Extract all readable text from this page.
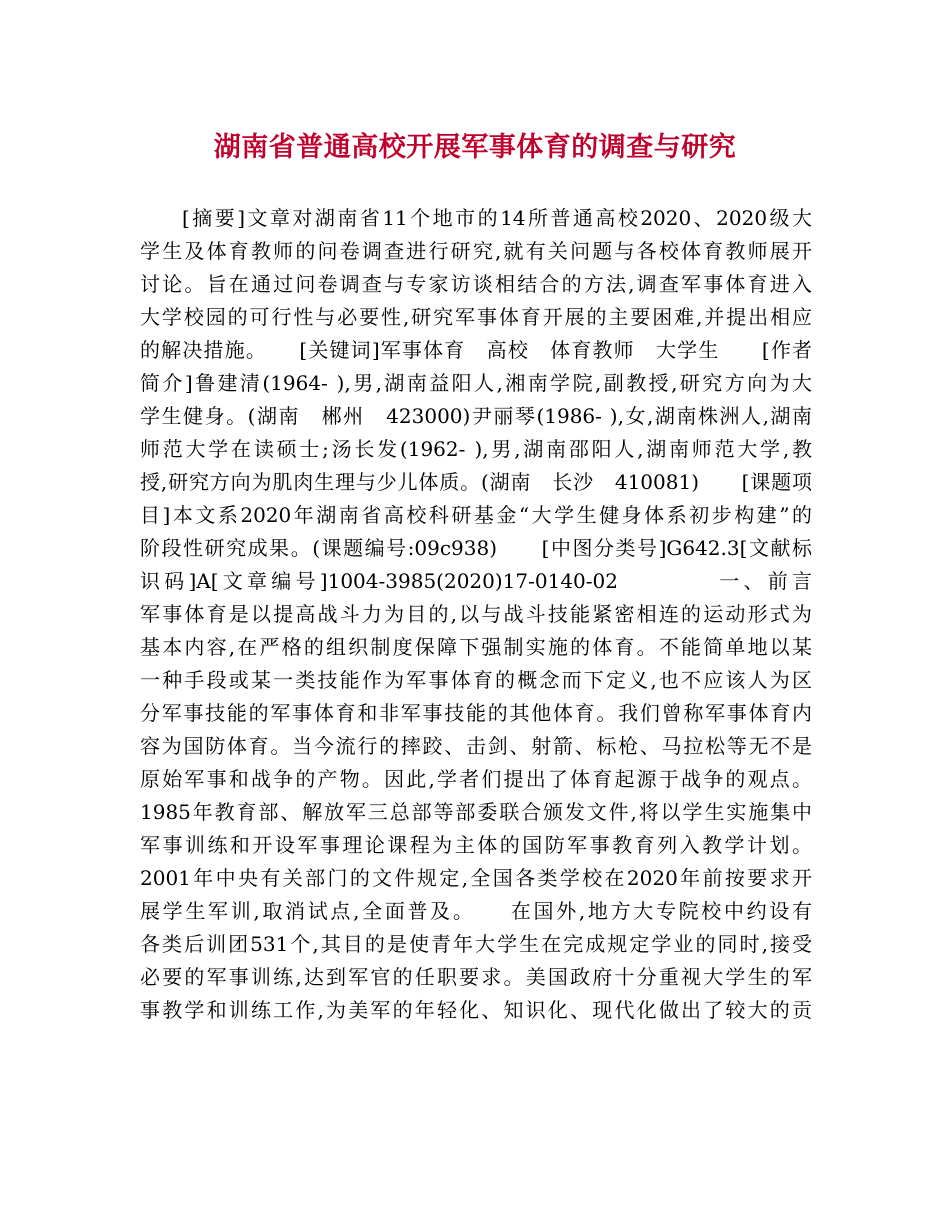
湖南省普通高校开展军事体育的调查与研究
[摘要]文章对湖南省11个地市的14所普通高校2020、2020级大
学生及体育教师的问卷调查进行研究,就有关问题与各校体育教师展开
讨论。旨在通过问卷调查与专家访谈相结合的方法,调查军事体育进入
大学校园的可行性与必要性,研究军事体育开展的主要困难,并提出相应
的解决措施。　　[关键词]军事体育　高校　体育教师　大学生　　[作者
简介]鲁建清(1964- ),男,湖南益阳人,湘南学院,副教授,研究方向为大
学生健身。(湖南　郴州　423000)尹丽琴(1986- ),女,湖南株洲人,湖南
师范大学在读硕士;汤长发(1962- ),男,湖南邵阳人,湖南师范大学,教
授,研究方向为肌肉生理与少儿体质。(湖南　长沙　410081)　　[课题项
目]本文系2020年湖南省高校科研基金“大学生健身体系初步构建”的
阶段性研究成果。(课题编号:09c938)　　[中图分类号]G642.3[文献标
识码]A[文章编号]1004-3985(2020)17-0140-02　　　　一、前言
军事体育是以提高战斗力为目的,以与战斗技能紧密相连的运动形式为
基本内容,在严格的组织制度保障下强制实施的体育。不能简单地以某
一种手段或某一类技能作为军事体育的概念而下定义,也不应该人为区
分军事技能的军事体育和非军事技能的其他体育。我们曾称军事体育内
容为国防体育。当今流行的摔跤、击剑、射箭、标枪、马拉松等无不是
原始军事和战争的产物。因此,学者们提出了体育起源于战争的观点。
1985年教育部、解放军三总部等部委联合颁发文件,将以学生实施集中
军事训练和开设军事理论课程为主体的国防军事教育列入教学计划。
2001年中央有关部门的文件规定,全国各类学校在2020年前按要求开
展学生军训,取消试点,全面普及。　　在国外,地方大专院校中约设有
各类后训团531个,其目的是使青年大学生在完成规定学业的同时,接受
必要的军事训练,达到军官的任职要求。美国政府十分重视大学生的军
事教学和训练工作,为美军的年轻化、知识化、现代化做出了较大的贡
